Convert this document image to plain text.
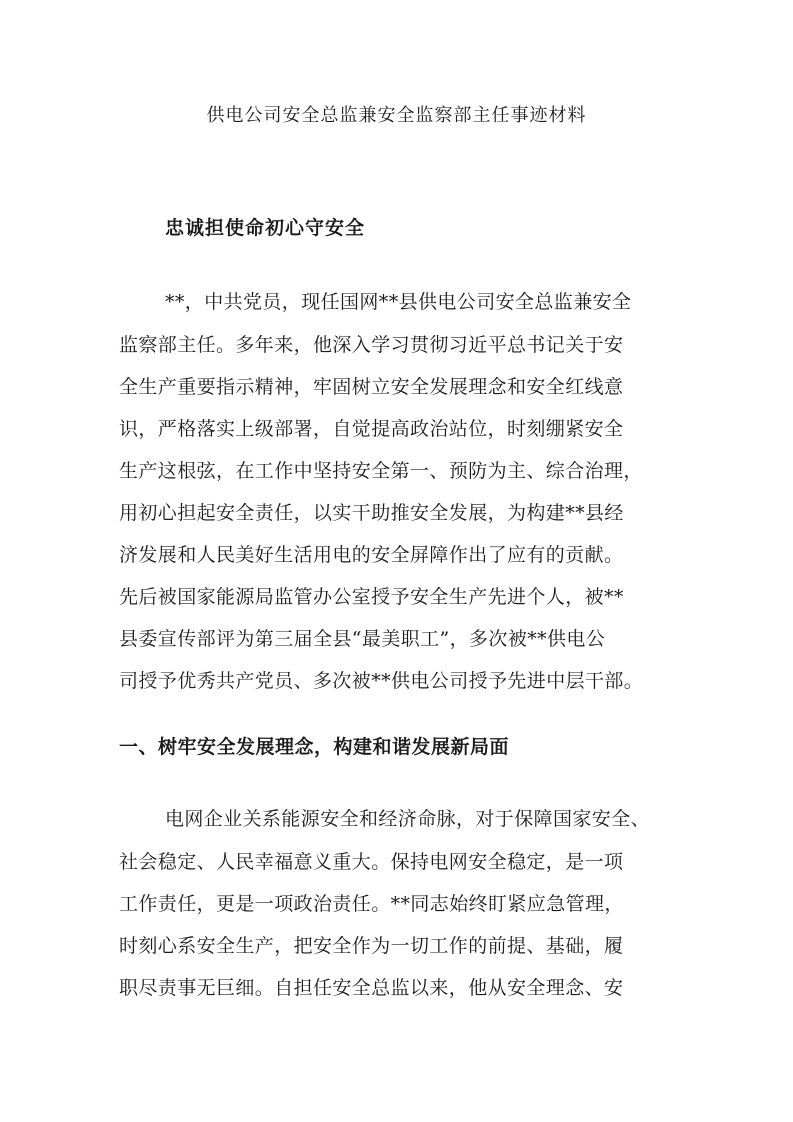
供电公司安全总监兼安全监察部主任事迹材料
忠诚担使命初心守安全
**，中共党员，现任国网**县供电公司安全总监兼安全
监察部主任。多年来，他深入学习贯彻习近平总书记关于安
全生产重要指示精神，牢固树立安全发展理念和安全红线意
识，严格落实上级部署，自觉提高政治站位，时刻绷紧安全
生产这根弦，在工作中坚持安全第一、预防为主、综合治理，
用初心担起安全责任，以实干助推安全发展，为构建**县经
济发展和人民美好生活用电的安全屏障作出了应有的贡献。
先后被国家能源局监管办公室授予安全生产先进个人，被**
县委宣传部评为第三届全县“最美职工”，多次被**供电公
司授予优秀共产党员、多次被**供电公司授予先进中层干部。
一、树牢安全发展理念，构建和谐发展新局面
电网企业关系能源安全和经济命脉，对于保障国家安全、
社会稳定、人民幸福意义重大。保持电网安全稳定，是一项
工作责任，更是一项政治责任。**同志始终盯紧应急管理，
时刻心系安全生产，把安全作为一切工作的前提、基础，履
职尽责事无巨细。自担任安全总监以来，他从安全理念、安
